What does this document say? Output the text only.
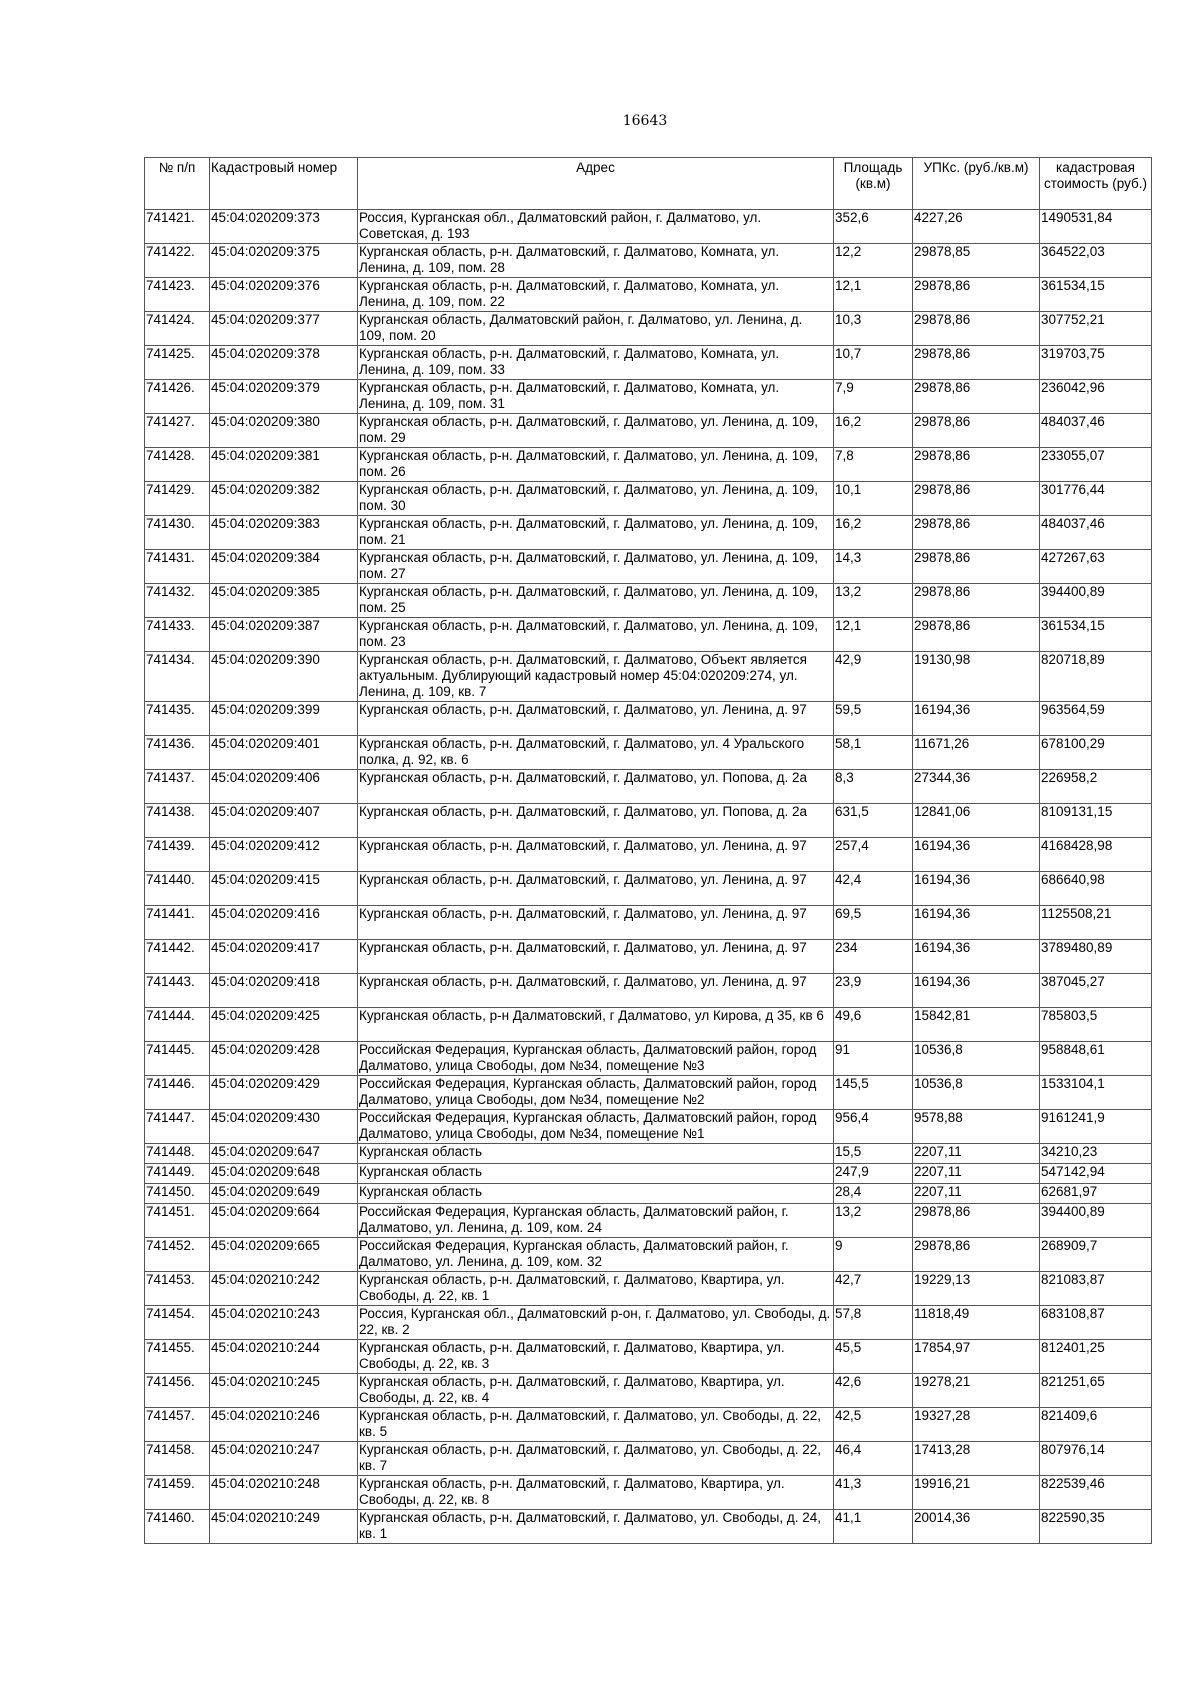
16643
№ п/п	Кадастровый номер	Адрес	Площадь (кв.м)	УПКс. (руб./кв.м)	кадастровая стоимость (руб.)
741421.	45:04:020209:373	Россия, Курганская обл., Далматовский район, г. Далматово, ул. Советская, д. 193	352,6	4227,26	1490531,84
741422.	45:04:020209:375	Курганская область, р-н. Далматовский, г. Далматово, Комната, ул. Ленина, д. 109, пом. 28	12,2	29878,85	364522,03
741423.	45:04:020209:376	Курганская область, р-н. Далматовский, г. Далматово, Комната, ул. Ленина, д. 109, пом. 22	12,1	29878,86	361534,15
741424.	45:04:020209:377	Курганская область, Далматовский район, г. Далматово, ул. Ленина, д. 109, пом. 20	10,3	29878,86	307752,21
741425.	45:04:020209:378	Курганская область, р-н. Далматовский, г. Далматово, Комната, ул. Ленина, д. 109, пом. 33	10,7	29878,86	319703,75
741426.	45:04:020209:379	Курганская область, р-н. Далматовский, г. Далматово, Комната, ул. Ленина, д. 109, пом. 31	7,9	29878,86	236042,96
741427.	45:04:020209:380	Курганская область, р-н. Далматовский, г. Далматово, ул. Ленина, д. 109, пом. 29	16,2	29878,86	484037,46
741428.	45:04:020209:381	Курганская область, р-н. Далматовский, г. Далматово, ул. Ленина, д. 109, пом. 26	7,8	29878,86	233055,07
741429.	45:04:020209:382	Курганская область, р-н. Далматовский, г. Далматово, ул. Ленина, д. 109, пом. 30	10,1	29878,86	301776,44
741430.	45:04:020209:383	Курганская область, р-н. Далматовский, г. Далматово, ул. Ленина, д. 109, пом. 21	16,2	29878,86	484037,46
741431.	45:04:020209:384	Курганская область, р-н. Далматовский, г. Далматово, ул. Ленина, д. 109, пом. 27	14,3	29878,86	427267,63
741432.	45:04:020209:385	Курганская область, р-н. Далматовский, г. Далматово, ул. Ленина, д. 109, пом. 25	13,2	29878,86	394400,89
741433.	45:04:020209:387	Курганская область, р-н. Далматовский, г. Далматово, ул. Ленина, д. 109, пом. 23	12,1	29878,86	361534,15
741434.	45:04:020209:390	Курганская область, р-н. Далматовский, г. Далматово, Объект является актуальным. Дублирующий кадастровый номер 45:04:020209:274, ул. Ленина, д. 109, кв. 7	42,9	19130,98	820718,89
741435.	45:04:020209:399	Курганская область, р-н. Далматовский, г. Далматово, ул. Ленина, д. 97	59,5	16194,36	963564,59
741436.	45:04:020209:401	Курганская область, р-н. Далматовский, г. Далматово, ул. 4 Уральского полка, д. 92, кв. 6	58,1	11671,26	678100,29
741437.	45:04:020209:406	Курганская область, р-н. Далматовский, г. Далматово, ул. Попова, д. 2а	8,3	27344,36	226958,2
741438.	45:04:020209:407	Курганская область, р-н. Далматовский, г. Далматово, ул. Попова, д. 2а	631,5	12841,06	8109131,15
741439.	45:04:020209:412	Курганская область, р-н. Далматовский, г. Далматово, ул. Ленина, д. 97	257,4	16194,36	4168428,98
741440.	45:04:020209:415	Курганская область, р-н. Далматовский, г. Далматово, ул. Ленина, д. 97	42,4	16194,36	686640,98
741441.	45:04:020209:416	Курганская область, р-н. Далматовский, г. Далматово, ул. Ленина, д. 97	69,5	16194,36	1125508,21
741442.	45:04:020209:417	Курганская область, р-н. Далматовский, г. Далматово, ул. Ленина, д. 97	234	16194,36	3789480,89
741443.	45:04:020209:418	Курганская область, р-н. Далматовский, г. Далматово, ул. Ленина, д. 97	23,9	16194,36	387045,27
741444.	45:04:020209:425	Курганская область, р-н Далматовский, г Далматово, ул Кирова, д 35, кв 6	49,6	15842,81	785803,5
741445.	45:04:020209:428	Российская Федерация, Курганская область, Далматовский район, город Далматово, улица Свободы, дом №34, помещение №3	91	10536,8	958848,61
741446.	45:04:020209:429	Российская Федерация, Курганская область, Далматовский район, город Далматово, улица Свободы, дом №34, помещение №2	145,5	10536,8	1533104,1
741447.	45:04:020209:430	Российская Федерация, Курганская область, Далматовский район, город Далматово, улица Свободы, дом №34, помещение №1	956,4	9578,88	9161241,9
741448.	45:04:020209:647	Курганская область	15,5	2207,11	34210,23
741449.	45:04:020209:648	Курганская область	247,9	2207,11	547142,94
741450.	45:04:020209:649	Курганская область	28,4	2207,11	62681,97
741451.	45:04:020209:664	Российская Федерация, Курганская область, Далматовский район, г. Далматово, ул. Ленина, д. 109, ком. 24	13,2	29878,86	394400,89
741452.	45:04:020209:665	Российская Федерация, Курганская область, Далматовский район, г. Далматово, ул. Ленина, д. 109, ком. 32	9	29878,86	268909,7
741453.	45:04:020210:242	Курганская область, р-н. Далматовский, г. Далматово, Квартира, ул. Свободы, д. 22, кв. 1	42,7	19229,13	821083,87
741454.	45:04:020210:243	Россия, Курганская обл., Далматовский р-он, г. Далматово, ул. Свободы, д. 22, кв. 2	57,8	11818,49	683108,87
741455.	45:04:020210:244	Курганская область, р-н. Далматовский, г. Далматово, Квартира, ул. Свободы, д. 22, кв. 3	45,5	17854,97	812401,25
741456.	45:04:020210:245	Курганская область, р-н. Далматовский, г. Далматово, Квартира, ул. Свободы, д. 22, кв. 4	42,6	19278,21	821251,65
741457.	45:04:020210:246	Курганская область, р-н. Далматовский, г. Далматово, ул. Свободы, д. 22, кв. 5	42,5	19327,28	821409,6
741458.	45:04:020210:247	Курганская область, р-н. Далматовский, г. Далматово, ул. Свободы, д. 22, кв. 7	46,4	17413,28	807976,14
741459.	45:04:020210:248	Курганская область, р-н. Далматовский, г. Далматово, Квартира, ул. Свободы, д. 22, кв. 8	41,3	19916,21	822539,46
741460.	45:04:020210:249	Курганская область, р-н. Далматовский, г. Далматово, ул. Свободы, д. 24, кв. 1	41,1	20014,36	822590,35
